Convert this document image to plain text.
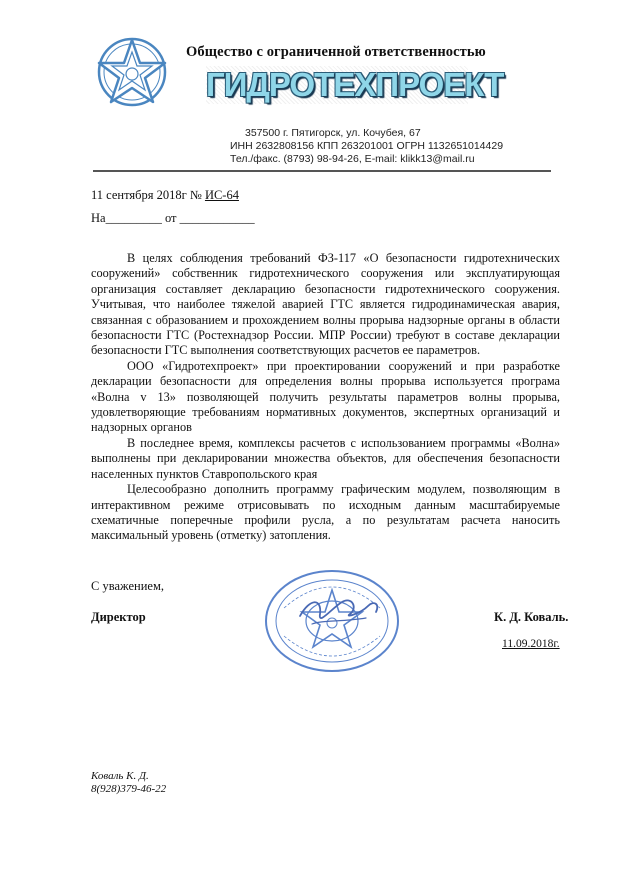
Общество с ограниченной ответственностью
ГИДРОТЕХПРОЕКТ
357500 г. Пятигорск, ул. Кочубея, 67
ИНН 2632808156 КПП 263201001 ОГРН 1132651014429
Тел./факс. (8793) 98-94-26, E-mail: klikk13@mail.ru
11 сентября 2018г № ИС-64
На_________ от ____________

В целях соблюдения требований ФЗ-117 «О безопасности гидротехнических сооружений» собственник гидротехнического сооружения или эксплуатирующая организация составляет декларацию безопасности гидротехнического сооружения. Учитывая, что наиболее тяжелой аварией ГТС является гидродинамическая авария, связанная с образованием и прохождением волны прорыва надзорные органы в области безопасности ГТС (Ростехнадзор России. МПР России) требуют в составе декларации безопасности ГТС выполнения соответствующих расчетов ее параметров.

ООО «Гидротехпроект» при проектировании сооружений и при разработке декларации безопасности для определения волны прорыва используется програма «Волна v 13» позволяющей получить результаты параметров волны прорыва, удовлетворяющие требованиям нормативных документов, экспертных организаций и надзорных органов

В последнее время, комплексы расчетов с использованием программы «Волна» выполнены при декларировании множества объектов, для обеспечения безопасности населенных пунктов Ставропольского края

Целесообразно дополнить программу графическим модулем, позволяющим в интерактивном режиме отрисовывать по исходным данным масштабируемые схематичные поперечные профили русла, а по результатам расчета наносить максимальный уровень (отметку) затопления.

С уважением,
Директор	К. Д. Коваль.
11.09.2018г.
Коваль К. Д.
8(928)379-46-22
